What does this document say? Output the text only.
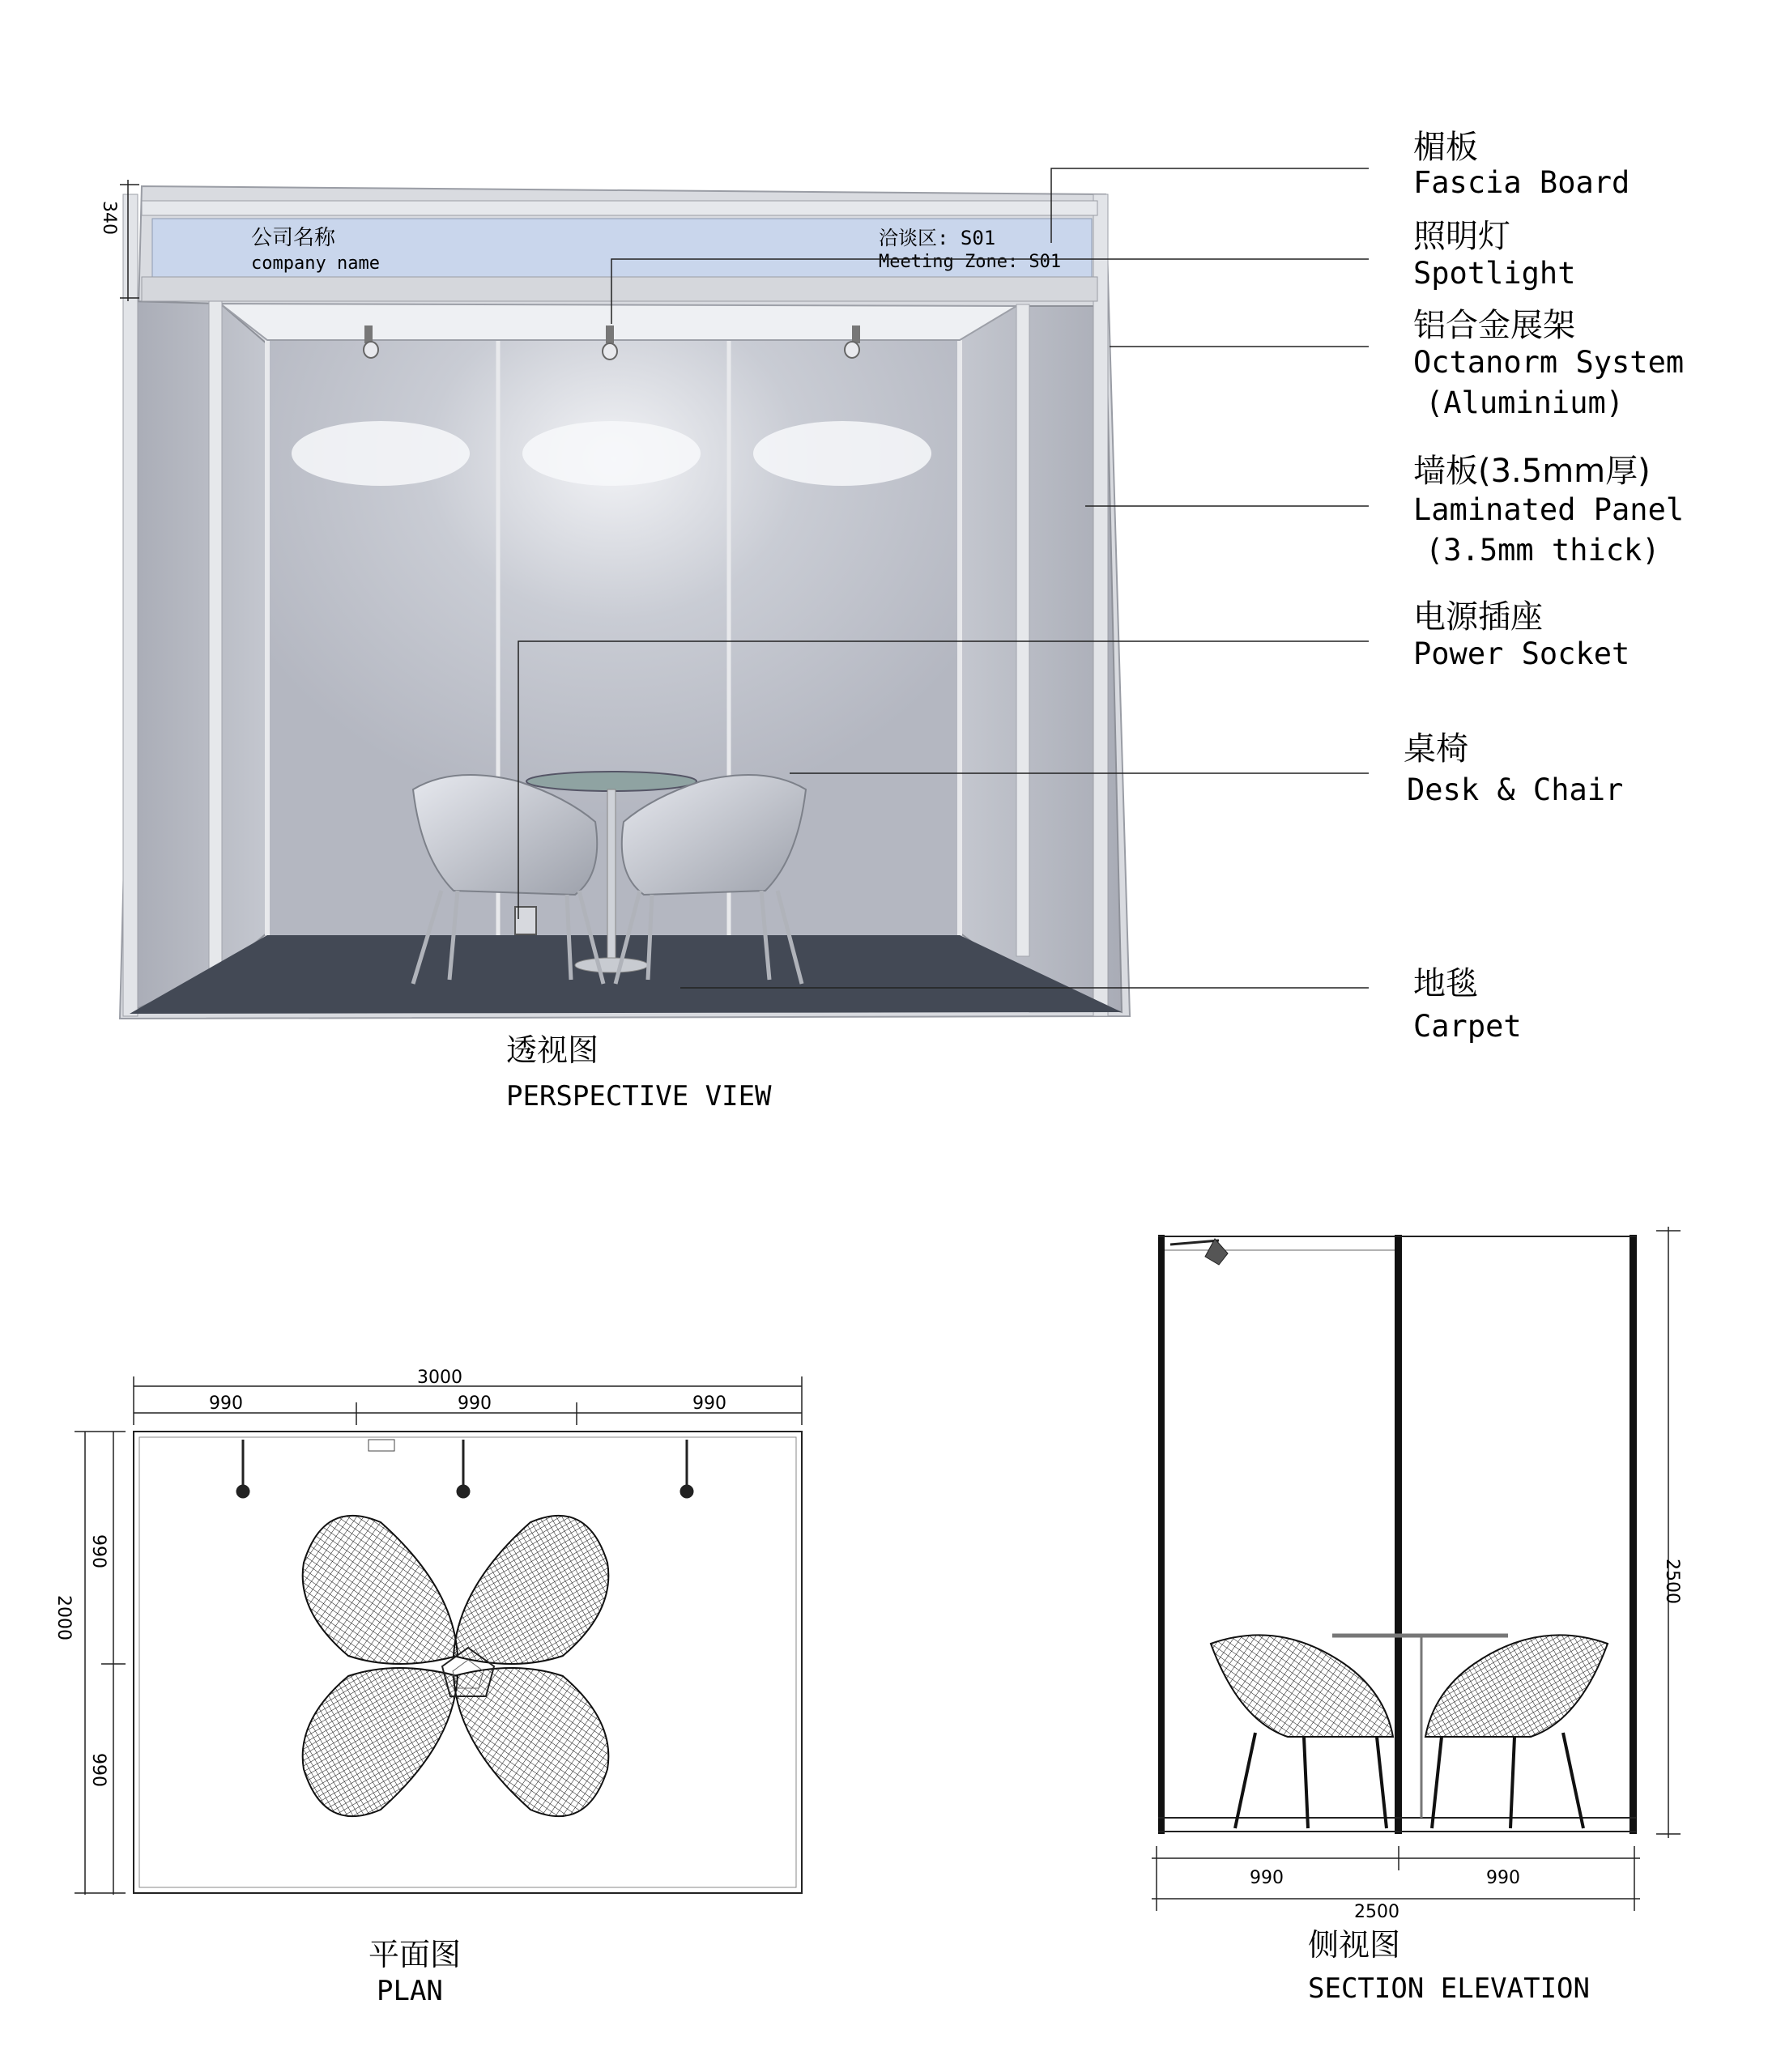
公司名称
company name
洽谈区: S01
Meeting Zone: S01
340
透视图
PERSPECTIVE VIEW
楣板
Fascia Board
照明灯
Spotlight
铝合金展架
Octanorm System
(Aluminium)
墙板(3.5mm厚)
Laminated Panel
(3.5mm thick)
电源插座
Power Socket
桌椅
Desk & Chair
地毯
Carpet
3000
990	990	990
2000
990
990
平面图
PLAN
2500
990	990
2500
侧视图
SECTION ELEVATION
